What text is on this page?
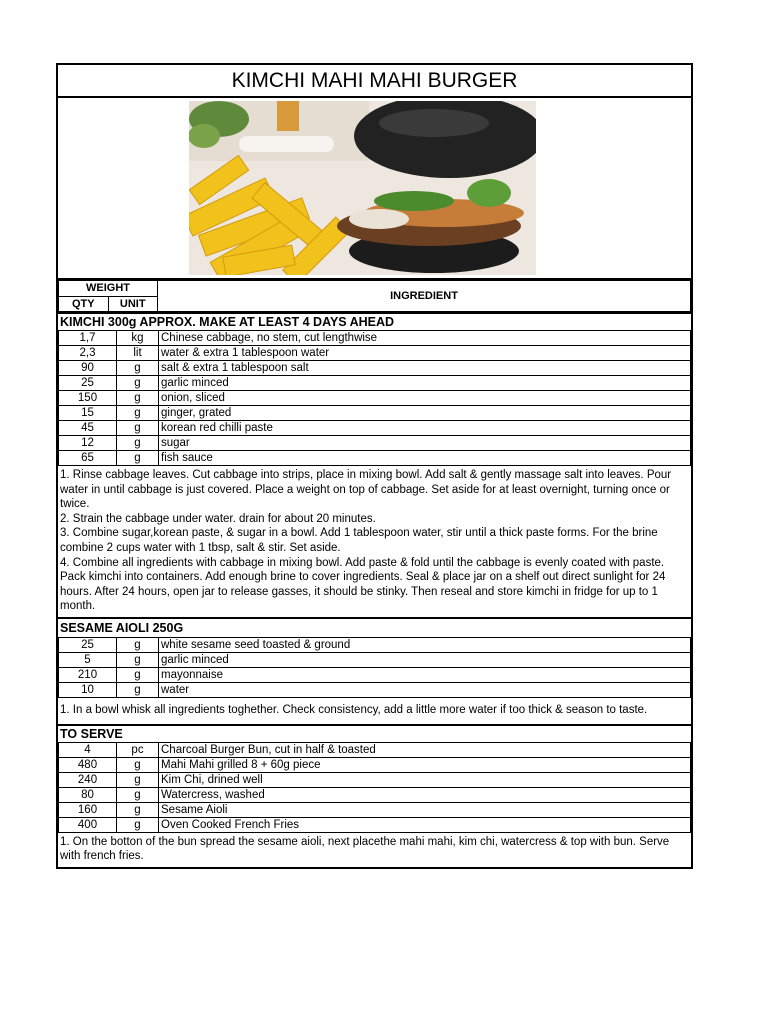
KIMCHI MAHI MAHI BURGER
WEIGHT		INGREDIENT
QTY	UNIT	
KIMCHI 300g APPROX. MAKE AT LEAST 4 DAYS AHEAD
1,7	kg	Chinese cabbage, no stem, cut lengthwise
2,3	lit	water & extra 1 tablespoon water
90	g	salt & extra 1 tablespoon salt
25	g	garlic minced
150	g	onion, sliced
15	g	ginger, grated
45	g	korean red chilli paste
12	g	sugar
65	g	fish sauce
1. Rinse cabbage leaves. Cut cabbage into strips, place in mixing bowl. Add salt & gently massage salt into leaves. Pour water in until cabbage is just covered. Place a weight on top of cabbage. Set aside for at least overnight, turning once or twice.
2. Strain the cabbage under water. drain for about 20 minutes.
3. Combine sugar,korean paste, & sugar in a bowl. Add 1 tablespoon water, stir until a thick paste forms. For the brine combine 2 cups water with 1 tbsp, salt & stir. Set aside.
4. Combine all ingredients with cabbage in mixing bowl. Add paste & fold until the cabbage is evenly coated with paste. Pack kimchi into containers. Add enough brine to cover ingredients. Seal & place jar on a shelf out direct sunlight for 24 hours. After 24 hours, open jar to release gasses, it should be stinky. Then reseal and store kimchi in fridge for up to 1 month.
SESAME AIOLI 250G
25	g	white sesame seed toasted & ground
5	g	garlic minced
210	g	mayonnaise
10	g	water
1. In a bowl whisk all ingredients toghether. Check consistency, add a little more water if too thick & season to taste.
TO SERVE
4	pc	Charcoal Burger Bun, cut in half & toasted
480	g	Mahi Mahi grilled 8 + 60g piece
240	g	Kim Chi, drined well
80	g	Watercress, washed
160	g	Sesame Aioli
400	g	Oven Cooked French Fries
1. On the botton of the bun spread the sesame aioli, next placethe mahi mahi, kim chi, watercress & top with bun. Serve with french fries.
